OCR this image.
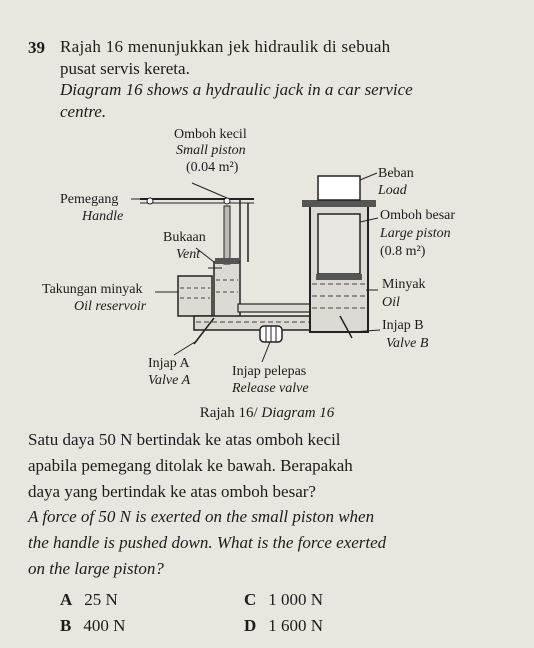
39 Rajah 16 menunjukkan jek hidraulik di sebuah
pusat servis kereta.
Diagram 16 shows a hydraulic jack in a car service
centre.
Omboh kecil
Small piston
(0.04 m²)
Pemegang
Handle
Bukaan
Vent
Takungan minyak
Oil reservoir
Injap A
Valve A
Injap pelepas
Release valve
Beban
Load
Omboh besar
Large piston
(0.8 m²)
Minyak
Oil
Injap B
Valve B
Rajah 16/ Diagram 16
Satu daya 50 N bertindak ke atas omboh kecil
apabila pemegang ditolak ke bawah. Berapakah
daya yang bertindak ke atas omboh besar?
A force of 50 N is exerted on the small piston when
the handle is pushed down. What is the force exerted
on the large piston?
A 25 N
B 400 N
C 1 000 N
D 1 600 N
